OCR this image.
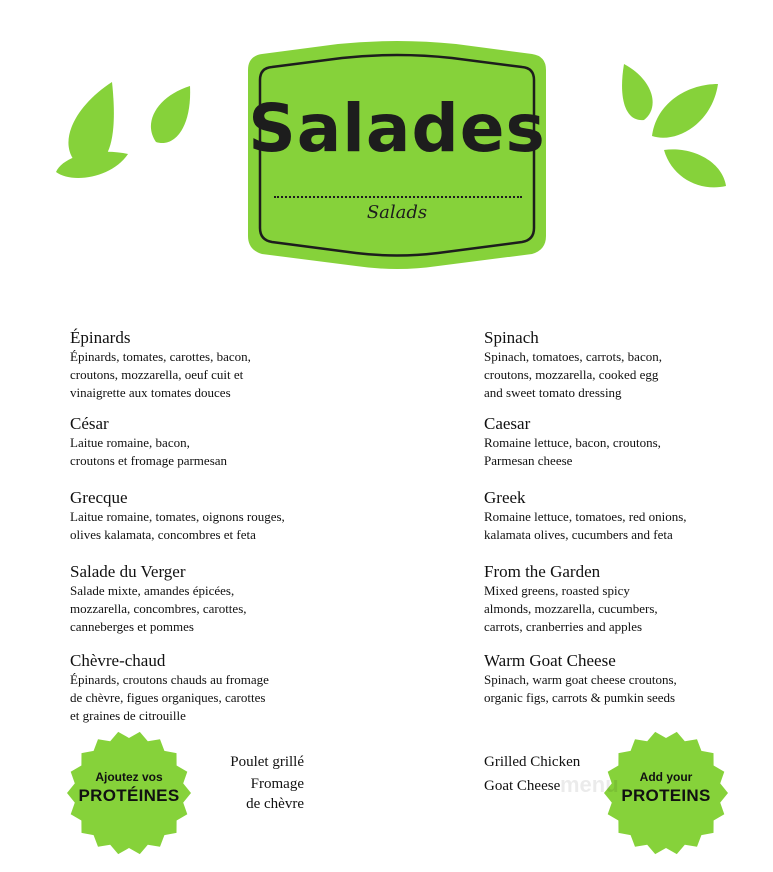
Salades
Salads

Épinards

Épinards, tomates, carottes, bacon,
croutons, mozzarella, oeuf cuit et
vinaigrette aux tomates douces

César

Laitue romaine, bacon,
croutons et fromage parmesan

Grecque

Laitue romaine, tomates, oignons rouges,
olives kalamata, concombres et feta

Salade du Verger

Salade mixte, amandes épicées,
mozzarella, concombres, carottes,
canneberges et pommes

Chèvre-chaud

Épinards, croutons chauds au fromage
de chèvre, figues organiques, carottes
et graines de citrouille

Spinach

Spinach, tomatoes, carrots, bacon,
croutons, mozzarella, cooked egg
and sweet tomato dressing

Caesar

Romaine lettuce, bacon, croutons,
Parmesan cheese

Greek

Romaine lettuce, tomatoes, red onions,
kalamata olives, cucumbers and feta

From the Garden

Mixed greens, roasted spicy
almonds, mozzarella, cucumbers,
carrots, cranberries and apples

Warm Goat Cheese

Spinach, warm goat cheese croutons,
organic figs, carrots & pumkin seeds

Ajoutez vos
PROTÉINES
Poulet grillé
Fromage
de chèvre
Grilled Chicken
Goat Cheese
Add your
PROTEINS
menu
